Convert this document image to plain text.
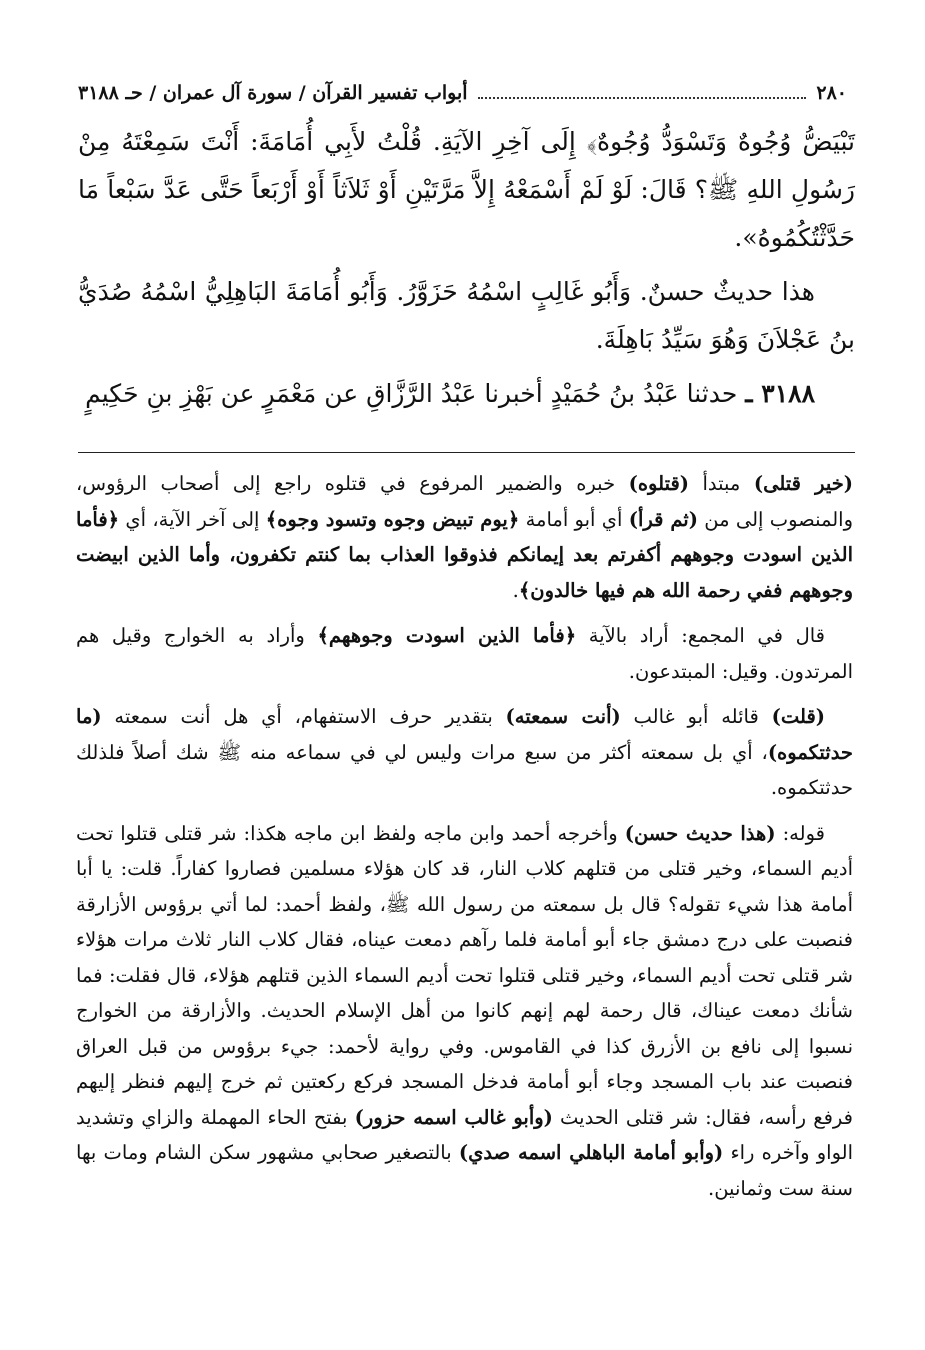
٢٨٠
أبواب تفسير القرآن / سورة آل عمران / حـ ٣١٨٨

تَبْيَضُّ وُجُوهٌ وَتَسْوَدُّ وُجُوهٌ﴾ إِلَى آخِرِ الآيَةِ. قُلْتُ لأَبِي أُمَامَةَ: أَنْتَ سَمِعْتَهُ مِنْ رَسُولِ اللهِ ﷺ؟ قَالَ: لَوْ لَمْ أَسْمَعْهُ إِلاَّ مَرَّتَيْنِ أَوْ ثَلاَثاً أَوْ أَرْبَعاً حَتَّى عَدَّ سَبْعاً مَا حَدَّثْتُكُمُوهُ».

هذا حديثٌ حسنٌ. وَأَبُو غَالِبٍ اسْمُهُ حَزَوَّرُ. وَأَبُو أُمَامَةَ البَاهِلِيُّ اسْمُهُ صُدَيُّ بنُ عَجْلاَنَ وَهُوَ سَيِّدُ بَاهِلَةَ.

٣١٨٨ ـ حدثنا عَبْدُ بنُ حُمَيْدٍ أخبرنا عَبْدُ الرَّزَّاقِ عن مَعْمَرٍ عن بَهْزِ بنِ حَكِيمٍ

(خير قتلى) مبتدأ (قتلوه) خبره والضمير المرفوع في قتلوه راجع إلى أصحاب الرؤوس، والمنصوب إلى من (ثم قرأ) أي أبو أمامة ﴿يوم تبيض وجوه وتسود وجوه﴾ إلى آخر الآية، أي ﴿فأما الذين اسودت وجوههم أكفرتم بعد إيمانكم فذوقوا العذاب بما كنتم تكفرون، وأما الذين ابيضت وجوههم ففي رحمة الله هم فيها خالدون﴾.

قال في المجمع: أراد بالآية ﴿فأما الذين اسودت وجوههم﴾ وأراد به الخوارج وقيل هم المرتدون. وقيل: المبتدعون.

(قلت) قائله أبو غالب (أنت سمعته) بتقدير حرف الاستفهام، أي هل أنت سمعته (ما حدثتكموه)، أي بل سمعته أكثر من سبع مرات وليس لي في سماعه منه ﷺ شك أصلاً فلذلك حدثتكموه.

قوله: (هذا حديث حسن) وأخرجه أحمد وابن ماجه ولفظ ابن ماجه هكذا: شر قتلى قتلوا تحت أديم السماء، وخير قتلى من قتلهم كلاب النار، قد كان هؤلاء مسلمين فصاروا كفاراً. قلت: يا أبا أمامة هذا شيء تقوله؟ قال بل سمعته من رسول الله ﷺ، ولفظ أحمد: لما أتي برؤوس الأزارقة فنصبت على درج دمشق جاء أبو أمامة فلما رآهم دمعت عيناه، فقال كلاب النار ثلاث مرات هؤلاء شر قتلى تحت أديم السماء، وخير قتلى قتلوا تحت أديم السماء الذين قتلهم هؤلاء، قال فقلت: فما شأنك دمعت عيناك، قال رحمة لهم إنهم كانوا من أهل الإسلام الحديث. والأزارقة من الخوارج نسبوا إلى نافع بن الأزرق كذا في القاموس. وفي رواية لأحمد: جيء برؤوس من قبل العراق فنصبت عند باب المسجد وجاء أبو أمامة فدخل المسجد فركع ركعتين ثم خرج إليهم فنظر إليهم فرفع رأسه، فقال: شر قتلى الحديث (وأبو غالب اسمه حزور) بفتح الحاء المهملة والزاي وتشديد الواو وآخره راء (وأبو أمامة الباهلي اسمه صدي) بالتصغير صحابي مشهور سكن الشام ومات بها سنة ست وثمانين.
